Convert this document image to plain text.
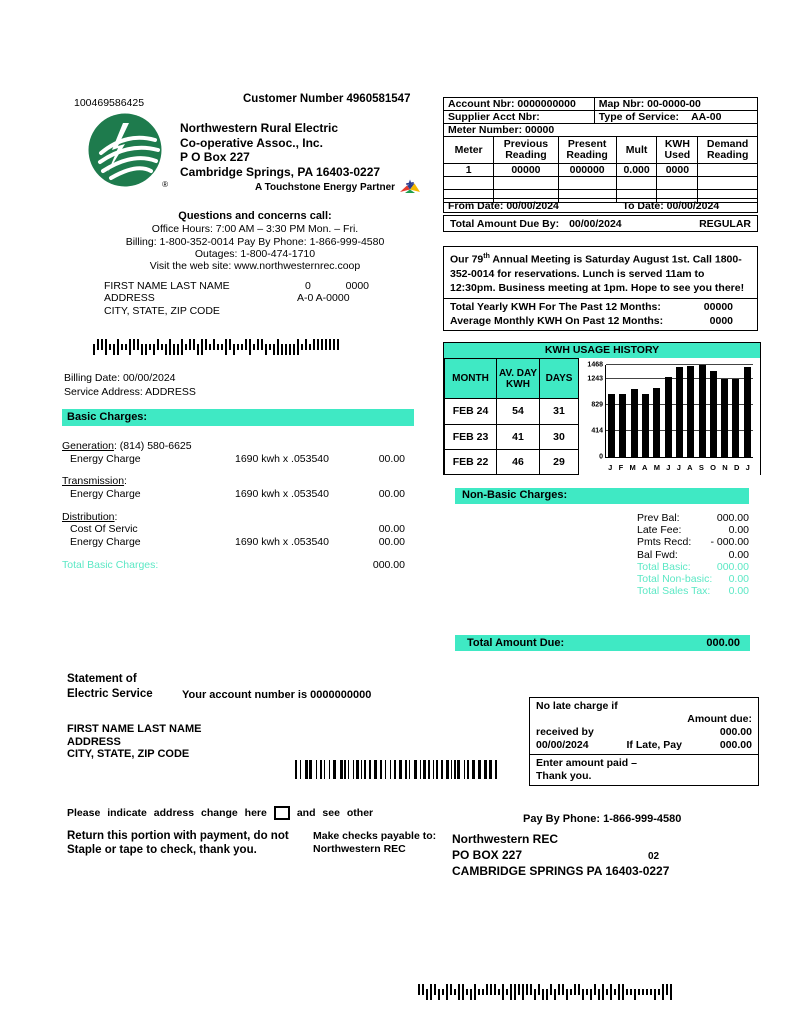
100469586425	Customer Number 4960581547
®
Northwestern Rural Electric
Co-operative Assoc., Inc.
P O Box 227
Cambridge Springs, PA 16403-0227
A Touchstone Energy Partner
Questions and concerns call:
Office Hours: 7:00 AM – 3:30 PM Mon. – Fri.
Billing: 1-800-352-0014 Pay By Phone: 1-866-999-4580
Outages: 1-800-474-1710
Visit the web site: www.northwesternrec.coop
FIRST NAME LAST NAME
ADDRESS
CITY, STATE, ZIP CODE
0	0000
A-0 A-0000
Billing Date: 00/00/2024
Service Address: ADDRESS
Basic Charges:
Generation: (814) 580-6625
Energy Charge	1690 kwh x .053540	00.00
Transmission:
Energy Charge	1690 kwh x .053540	00.00
Distribution:
Cost Of Servic	00.00
Energy Charge	1690 kwh x .053540	00.00
Total Basic Charges:	000.00
Account Nbr: 0000000000	Map Nbr: 00-0000-00
Supplier Acct Nbr:	Type of Service: AA-00

Meter Number: 00000	
Meter	Previous Reading	Present Reading	Mult	KWH Used	Demand Reading
1	00000	000000	0.000	0000	

From Date: 00/00/2024	To Date: 00/00/2024
Total Amount Due By: 00/00/2024	REGULAR
Our 79th Annual Meeting is Saturday August 1st. Call 1800-352-0014 for reservations. Lunch is served 11am to 12:30pm. Business meeting at 1pm. Hope to see you there!
Total Yearly KWH For The Past 12 Months:	00000
Average Monthly KWH On Past 12 Months:	0000
KWH USAGE HISTORY
MONTH	AV. DAY KWH	DAYS
FEB 24	54	31
FEB 23	41	30
FEB 22	46	29	0
414
829
1243
1468
J F M A M J J A S O N D J
Non-Basic Charges:
Prev Bal:	000.00
Late Fee:	0.00
Pmts Recd: - 000.00
Bal Fwd:	0.00
Total Basic: 000.00
Total Non-basic: 0.00
Total Sales Tax: 0.00
Total Amount Due:	000.00
Statement of
Electric Service	Your account number is 0000000000
FIRST NAME LAST NAME
ADDRESS
CITY, STATE, ZIP CODE
No late charge if
Amount due:
received by	000.00
00/00/2024	If Late, Pay	000.00
Enter amount paid –
Thank you.
Please indicate address change here	and see other
Return this portion with payment, do not
Staple or tape to check, thank you.
Make checks payable to:
Northwestern REC
Pay By Phone: 1-866-999-4580
Northwestern REC
PO BOX 227	02
CAMBRIDGE SPRINGS PA 16403-0227
